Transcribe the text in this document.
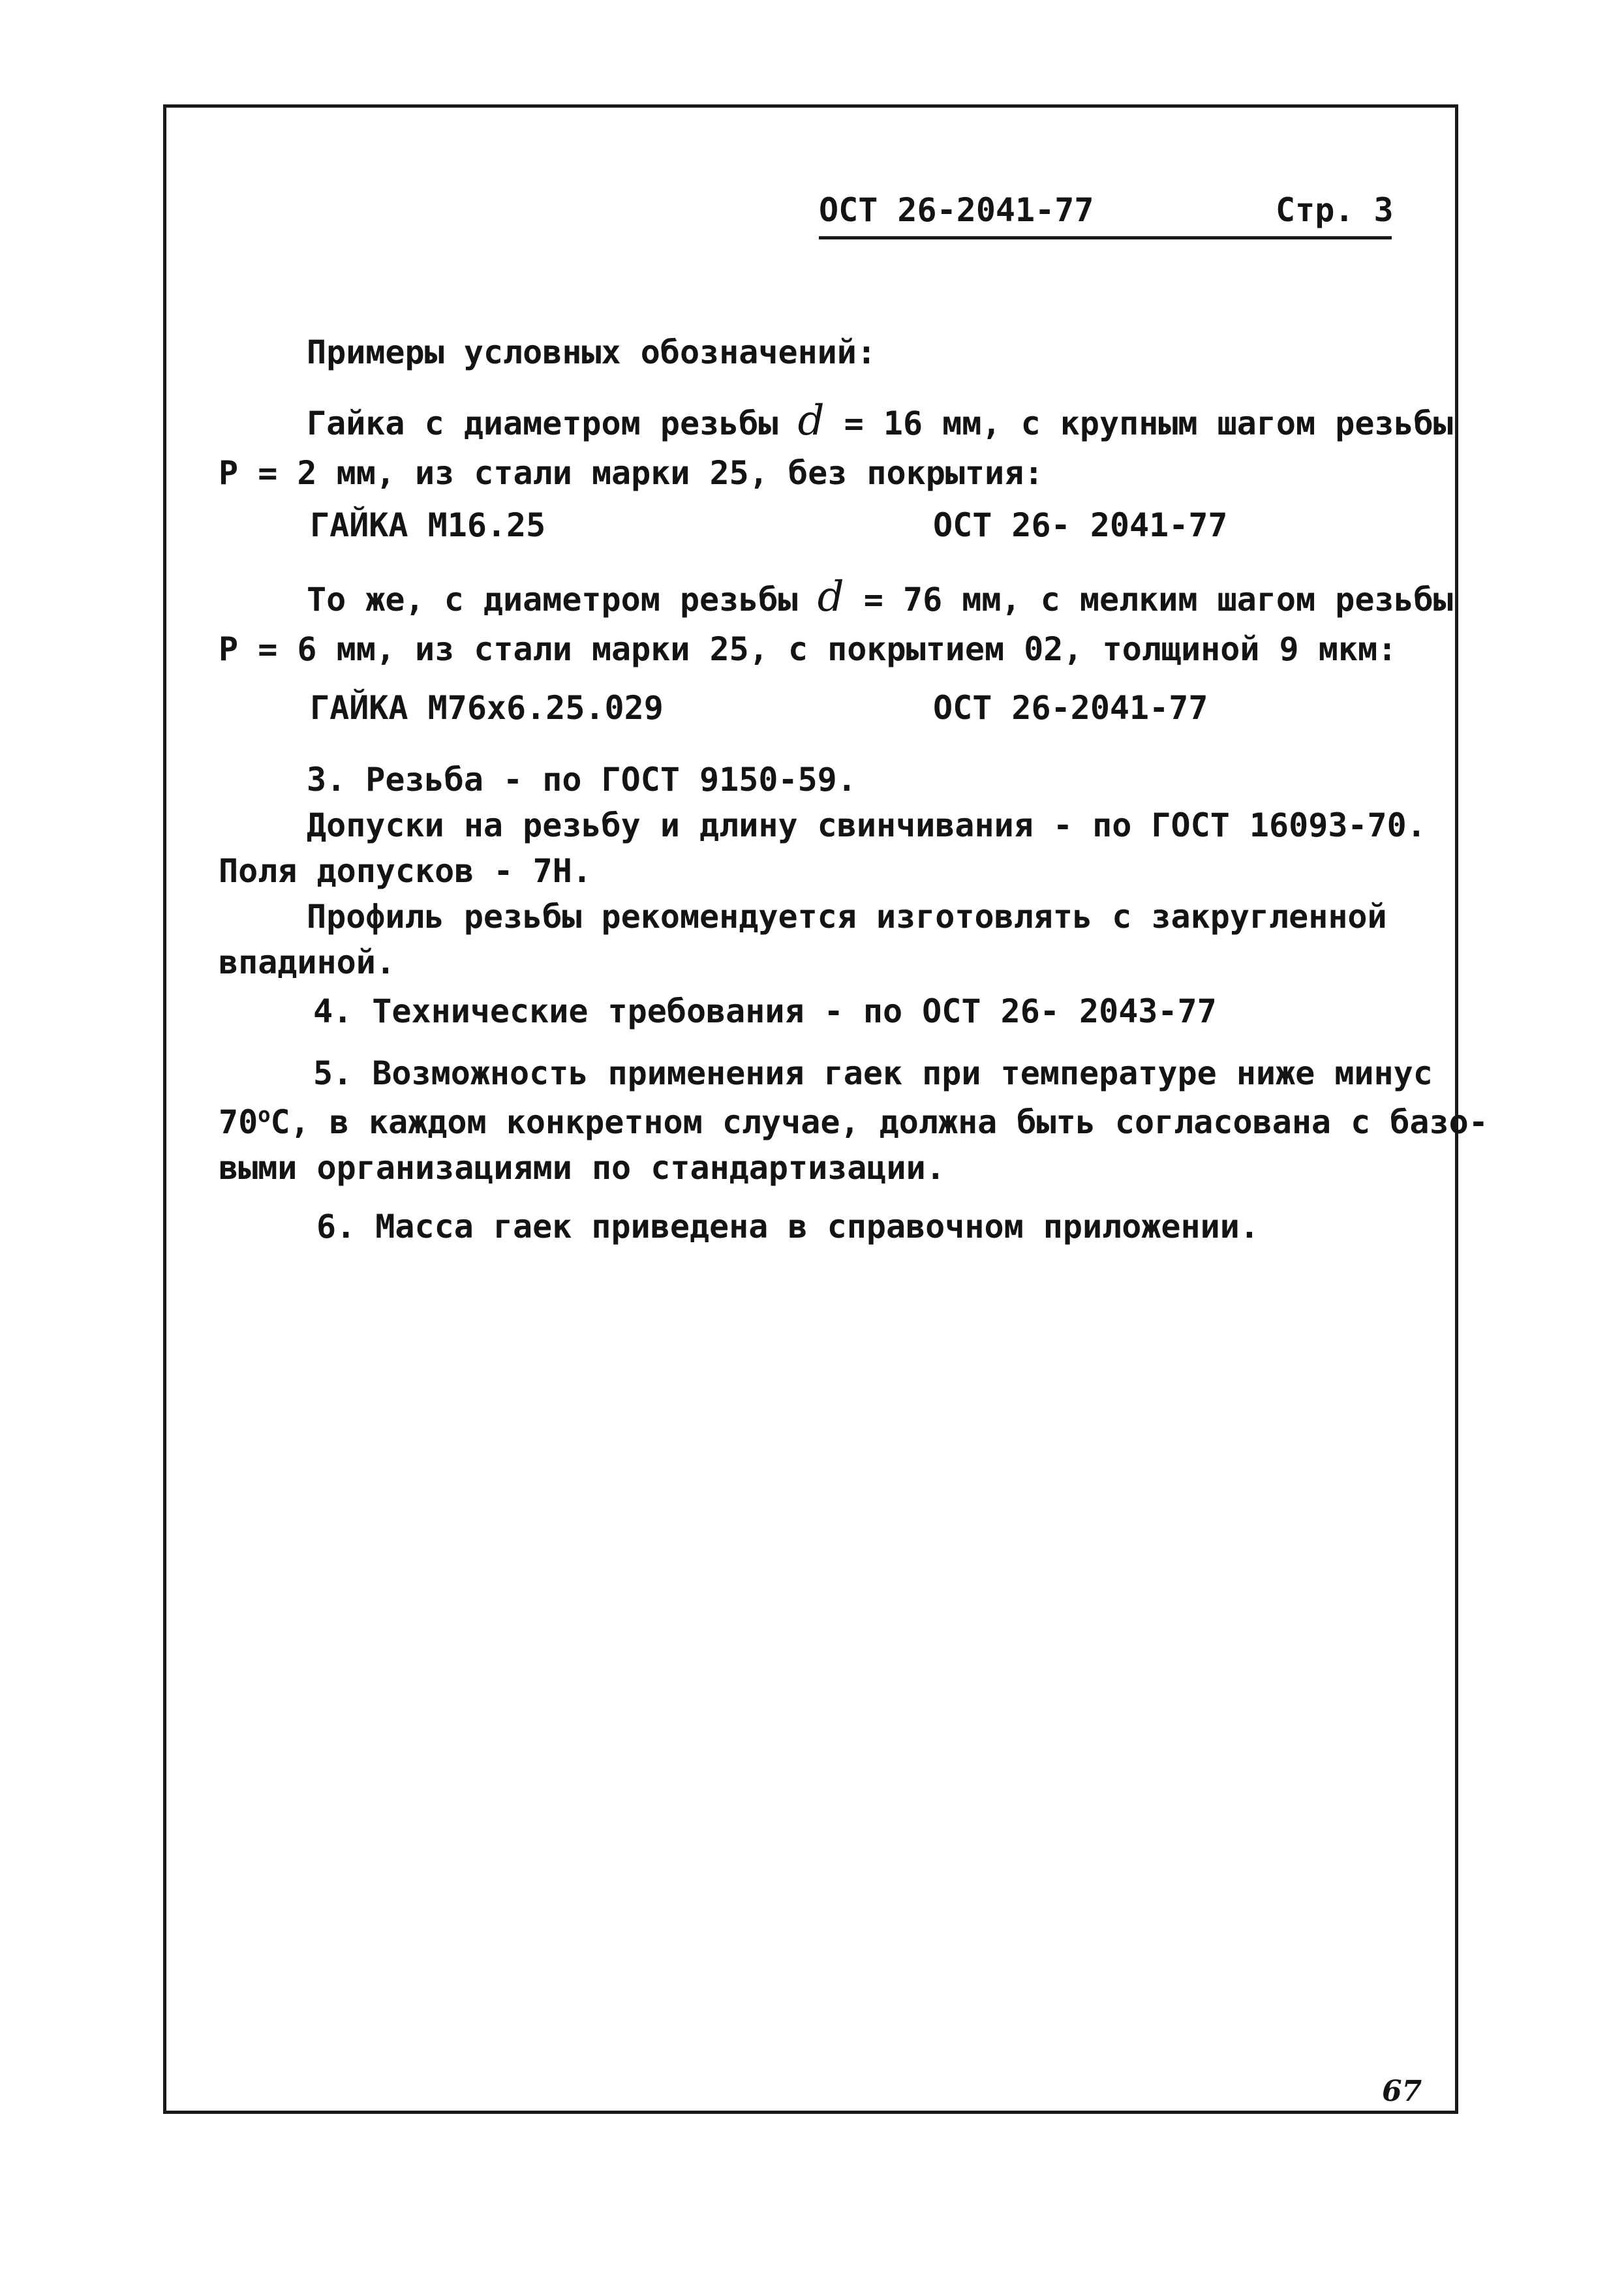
ОСТ 26-2041-77	Стр. 3
Примеры условных обозначений:
Гайка с диаметром резьбы d = 16 мм, с крупным шагом резьбы
Р = 2 мм, из стали марки 25, без покрытия:
ГАЙКА М16.25	ОСТ 26- 2041-77
То же, с диаметром резьбы d = 76 мм, с мелким шагом резьбы
Р = 6 мм, из стали марки 25, с покрытием 02, толщиной 9 мкм:
ГАЙКА М76х6.25.029	ОСТ 26-2041-77
3. Резьба - по ГОСТ 9150-59.
Допуски на резьбу и длину свинчивания - по ГОСТ 16093-70.
Поля допусков - 7Н.
Профиль резьбы рекомендуется изготовлять с закругленной
впадиной.
4. Технические требования - по ОСТ 26- 2043-77
5. Возможность применения гаек при температуре ниже минус
$70^оС$, в каждом конкретном случае, должна быть согласована с базо-
выми организациями по стандартизации.
6. Масса гаек приведена в справочном приложении.
67
